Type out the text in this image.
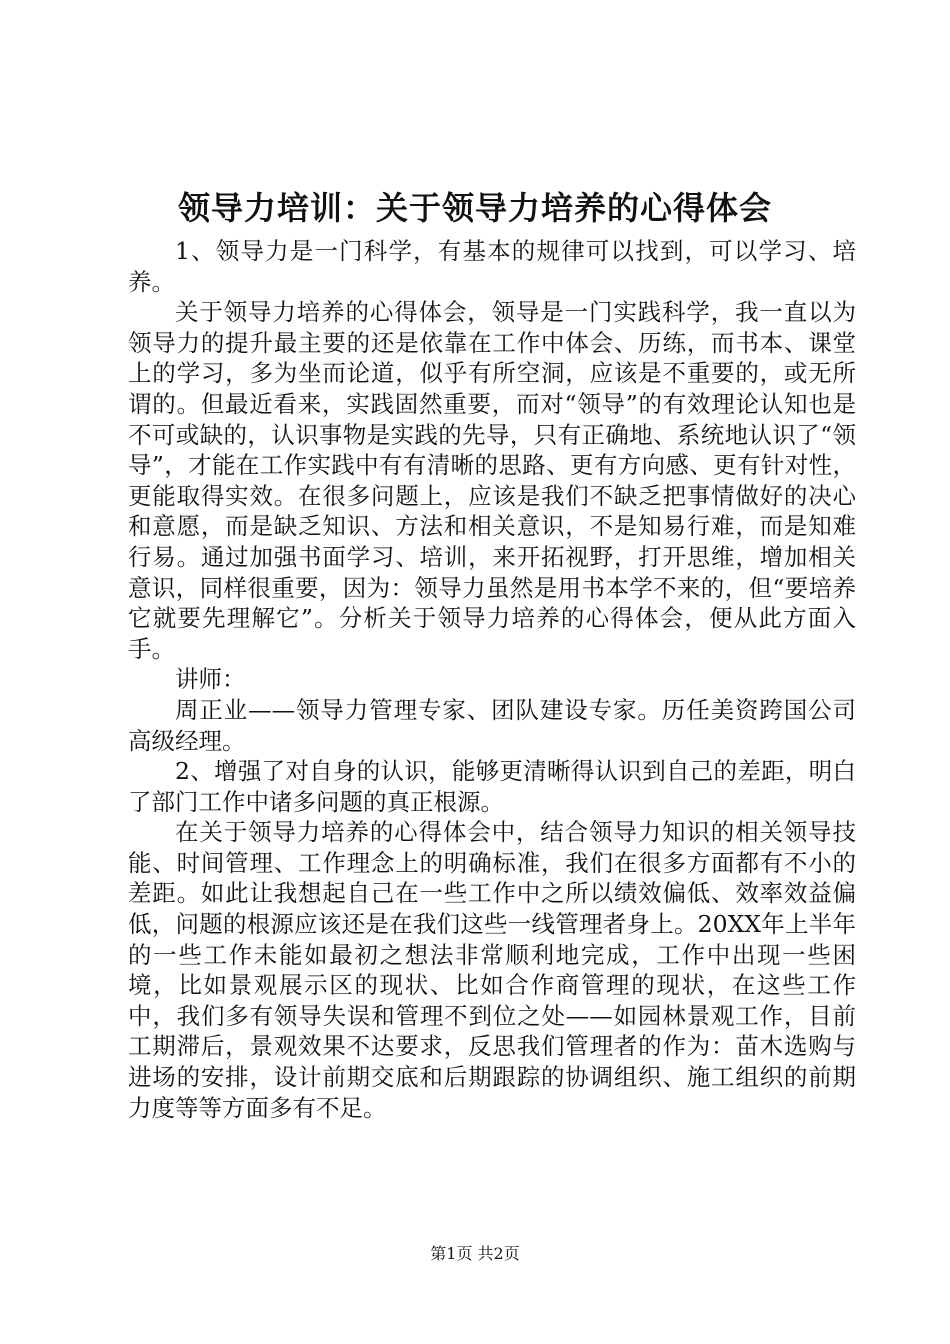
领导力培训：关于领导力培养的心得体会

1、领导力是一门科学，有基本的规律可以找到，可以学习、培养。

关于领导力培养的心得体会，领导是一门实践科学，我一直以为领导力的提升最主要的还是依靠在工作中体会、历练，而书本、课堂上的学习，多为坐而论道，似乎有所空洞，应该是不重要的，或无所谓的。但最近看来，实践固然重要，而对“领导”的有效理论认知也是不可或缺的，认识事物是实践的先导，只有正确地、系统地认识了“领导”，才能在工作实践中有有清晰的思路、更有方向感、更有针对性，更能取得实效。在很多问题上，应该是我们不缺乏把事情做好的决心和意愿，而是缺乏知识、方法和相关意识，不是知易行难，而是知难行易。通过加强书面学习、培训，来开拓视野，打开思维，增加相关意识，同样很重要，因为：领导力虽然是用书本学不来的，但“要培养它就要先理解它”。分析关于领导力培养的心得体会，便从此方面入手。

讲师：

周正业——领导力管理专家、团队建设专家。历任美资跨国公司高级经理。

2、增强了对自身的认识，能够更清晰得认识到自己的差距，明白了部门工作中诸多问题的真正根源。

在关于领导力培养的心得体会中，结合领导力知识的相关领导技能、时间管理、工作理念上的明确标准，我们在很多方面都有不小的差距。如此让我想起自己在一些工作中之所以绩效偏低、效率效益偏低，问题的根源应该还是在我们这些一线管理者身上。20XX年上半年的一些工作未能如最初之想法非常顺利地完成，工作中出现一些困境，比如景观展示区的现状、比如合作商管理的现状，在这些工作中，我们多有领导失误和管理不到位之处——如园林景观工作，目前工期滞后，景观效果不达要求，反思我们管理者的作为：苗木选购与进场的安排，设计前期交底和后期跟踪的协调组织、施工组织的前期力度等等方面多有不足。

第1页 共2页
